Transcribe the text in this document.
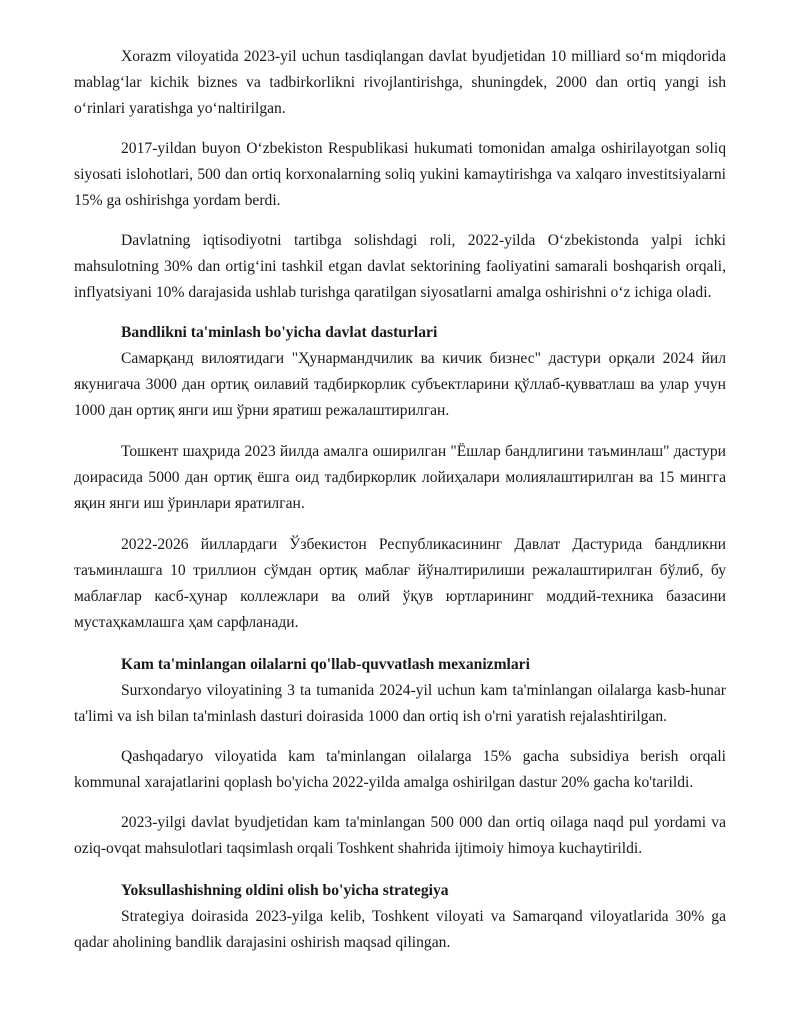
Xorazm viloyatida 2023-yil uchun tasdiqlangan davlat byudjetidan 10 milliard so‘m miqdorida mablag‘lar kichik biznes va tadbirkorlikni rivojlantirishga, shuningdek, 2000 dan ortiq yangi ish o‘rinlari yaratishga yo‘naltirilgan.

2017-yildan buyon O‘zbekiston Respublikasi hukumati tomonidan amalga oshirilayotgan soliq siyosati islohotlari, 500 dan ortiq korxonalarning soliq yukini kamaytirishga va xalqaro investitsiyalarni 15% ga oshirishga yordam berdi.

Davlatning iqtisodiyotni tartibga solishdagi roli, 2022-yilda O‘zbekistonda yalpi ichki mahsulotning 30% dan ortig‘ini tashkil etgan davlat sektorining faoliyatini samarali boshqarish orqali, inflyatsiyani 10% darajasida ushlab turishga qaratilgan siyosatlarni amalga oshirishni o‘z ichiga oladi.

Bandlikni ta'minlash bo'yicha davlat dasturlari

Самарқанд вилоятидаги "Ҳунармандчилик ва кичик бизнес" дастури орқали 2024 йил якунигача 3000 дан ортиқ оилавий тадбиркорлик субъектларини қўллаб-қувватлаш ва улар учун 1000 дан ортиқ янги иш ўрни яратиш режалаштирилган.

Тошкент шаҳрида 2023 йилда амалга оширилган "Ёшлар бандлигини таъминлаш" дастури доирасида 5000 дан ортиқ ёшга оид тадбиркорлик лойиҳалари молиялаштирилган ва 15 мингга яқин янги иш ўринлари яратилган.

2022-2026 йиллардаги Ўзбекистон Республикасининг Давлат Дастурида бандликни таъминлашга 10 триллион сўмдан ортиқ маблағ йўналтирилиши режалаштирилган бўлиб, бу маблағлар касб-ҳунар коллежлари ва олий ўқув юртларининг моддий-техника базасини мустаҳкамлашга ҳам сарфланади.

Kam ta'minlangan oilalarni qo'llab-quvvatlash mexanizmlari

Surxondaryo viloyatining 3 ta tumanida 2024-yil uchun kam ta'minlangan oilalarga kasb-hunar ta'limi va ish bilan ta'minlash dasturi doirasida 1000 dan ortiq ish o'rni yaratish rejalashtirilgan.

Qashqadaryo viloyatida kam ta'minlangan oilalarga 15% gacha subsidiya berish orqali kommunal xarajatlarini qoplash bo'yicha 2022-yilda amalga oshirilgan dastur 20% gacha ko'tarildi.

2023-yilgi davlat byudjetidan kam ta'minlangan 500 000 dan ortiq oilaga naqd pul yordami va oziq-ovqat mahsulotlari taqsimlash orqali Toshkent shahrida ijtimoiy himoya kuchaytirildi.

Yoksullashishning oldini olish bo'yicha strategiya

Strategiya doirasida 2023-yilga kelib, Toshkent viloyati va Samarqand viloyatlarida 30% ga qadar aholining bandlik darajasini oshirish maqsad qilingan.
